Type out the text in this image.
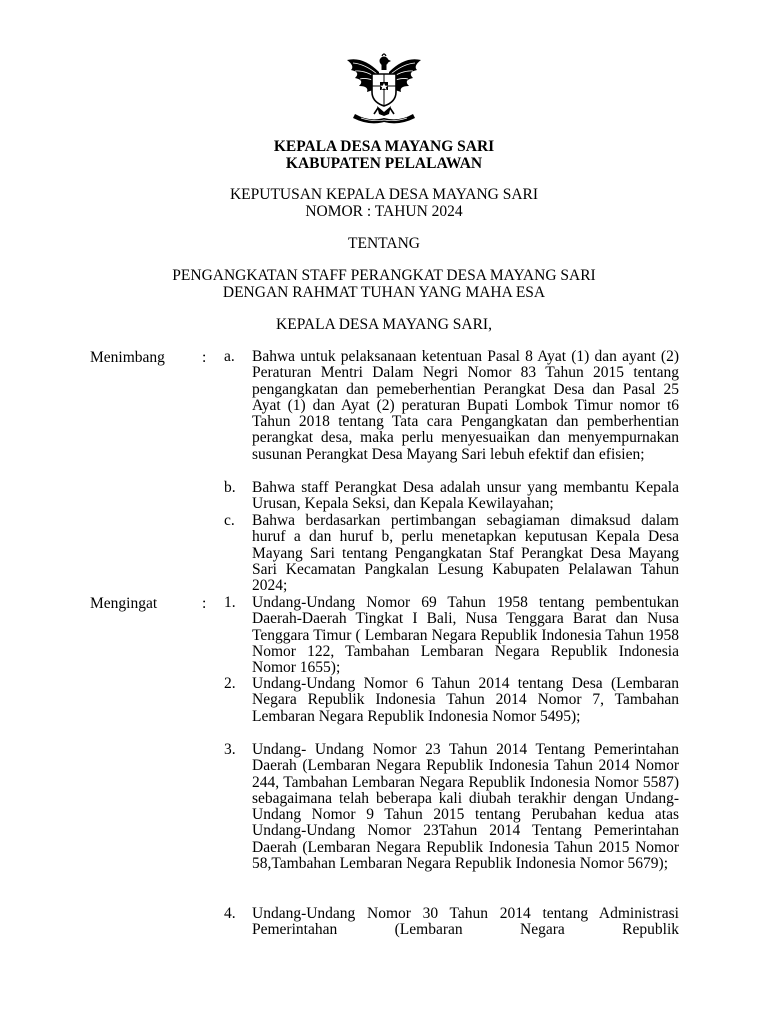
KEPALA DESA MAYANG SARI
KABUPATEN PELALAWAN
KEPUTUSAN KEPALA DESA MAYANG SARI
NOMOR : TAHUN 2024
TENTANG
PENGANGKATAN STAFF PERANGKAT DESA MAYANG SARI
DENGAN RAHMAT TUHAN YANG MAHA ESA
KEPALA DESA MAYANG SARI,
Menimbang : a. Bahwa untuk pelaksanaan ketentuan Pasal 8 Ayat (1) dan ayant (2) Peraturan Mentri Dalam Negri Nomor 83 Tahun 2015 tentang pengangkatan dan pemeberhentian Perangkat Desa dan Pasal 25 Ayat (1) dan Ayat (2) peraturan Bupati Lombok Timur nomor t6 Tahun 2018 tentang Tata cara Pengangkatan dan pemberhentian perangkat desa, maka perlu menyesuaikan dan menyempurnakan susunan Perangkat Desa Mayang Sari lebuh efektif dan efisien;
b. Bahwa staff Perangkat Desa adalah unsur yang membantu Kepala Urusan, Kepala Seksi, dan Kepala Kewilayahan;
c. Bahwa berdasarkan pertimbangan sebagiaman dimaksud dalam huruf a dan huruf b, perlu menetapkan keputusan Kepala Desa Mayang Sari tentang Pengangkatan Staf Perangkat Desa Mayang Sari Kecamatan Pangkalan Lesung Kabupaten Pelalawan Tahun 2024;
Mengingat	: 1. Undang-Undang Nomor 69 Tahun 1958 tentang pembentukan Daerah-Daerah Tingkat I Bali, Nusa Tenggara Barat dan Nusa Tenggara Timur ( Lembaran Negara Republik Indonesia Tahun 1958 Nomor 122, Tambahan Lembaran Negara Republik Indonesia Nomor 1655);
2. Undang-Undang Nomor 6 Tahun 2014 tentang Desa (Lembaran Negara Republik Indonesia Tahun 2014 Nomor 7, Tambahan Lembaran Negara Republik Indonesia Nomor 5495);
3. Undang- Undang Nomor 23 Tahun 2014 Tentang Pemerintahan Daerah (Lembaran Negara Republik Indonesia Tahun 2014 Nomor 244, Tambahan Lembaran Negara Republik Indonesia Nomor 5587) sebagaimana telah beberapa kali diubah terakhir dengan Undang-Undang Nomor 9 Tahun 2015 tentang Perubahan kedua atas Undang-Undang Nomor 23Tahun 2014 Tentang Pemerintahan Daerah (Lembaran Negara Republik Indonesia Tahun 2015 Nomor 58,Tambahan Lembaran Negara Republik Indonesia Nomor 5679);
4. Undang-Undang Nomor 30 Tahun 2014 tentang Administrasi Pemerintahan (Lembaran Negara Republik
